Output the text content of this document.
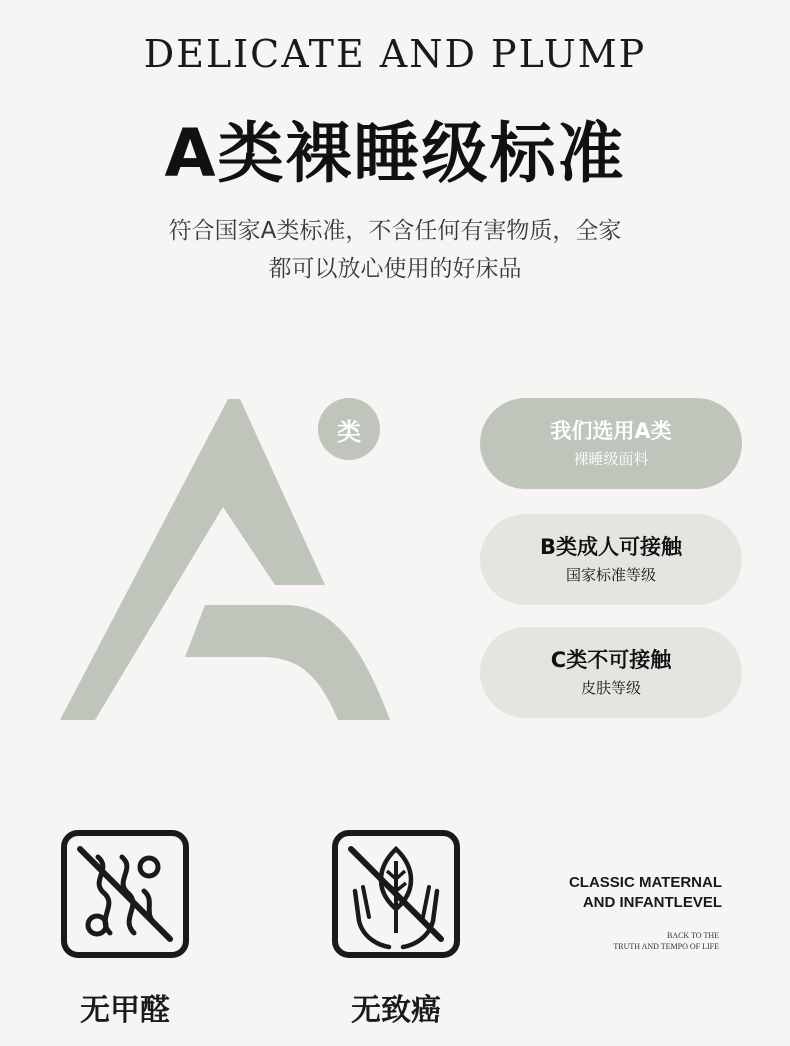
DELICATE AND PLUMP
A类裸睡级标准
符合国家A类标准，不含任何有害物质，全家
都可以放心使用的好床品
类	我们选用A类
裸睡级面料
B类成人可接触
国家标准等级
C类不可接触
皮肤等级
无甲醛	无致癌
CLASSIC MATERNAL
AND INFANTLEVEL
BACK TO THE
TRUTH AND TEMPO OF LIFE
